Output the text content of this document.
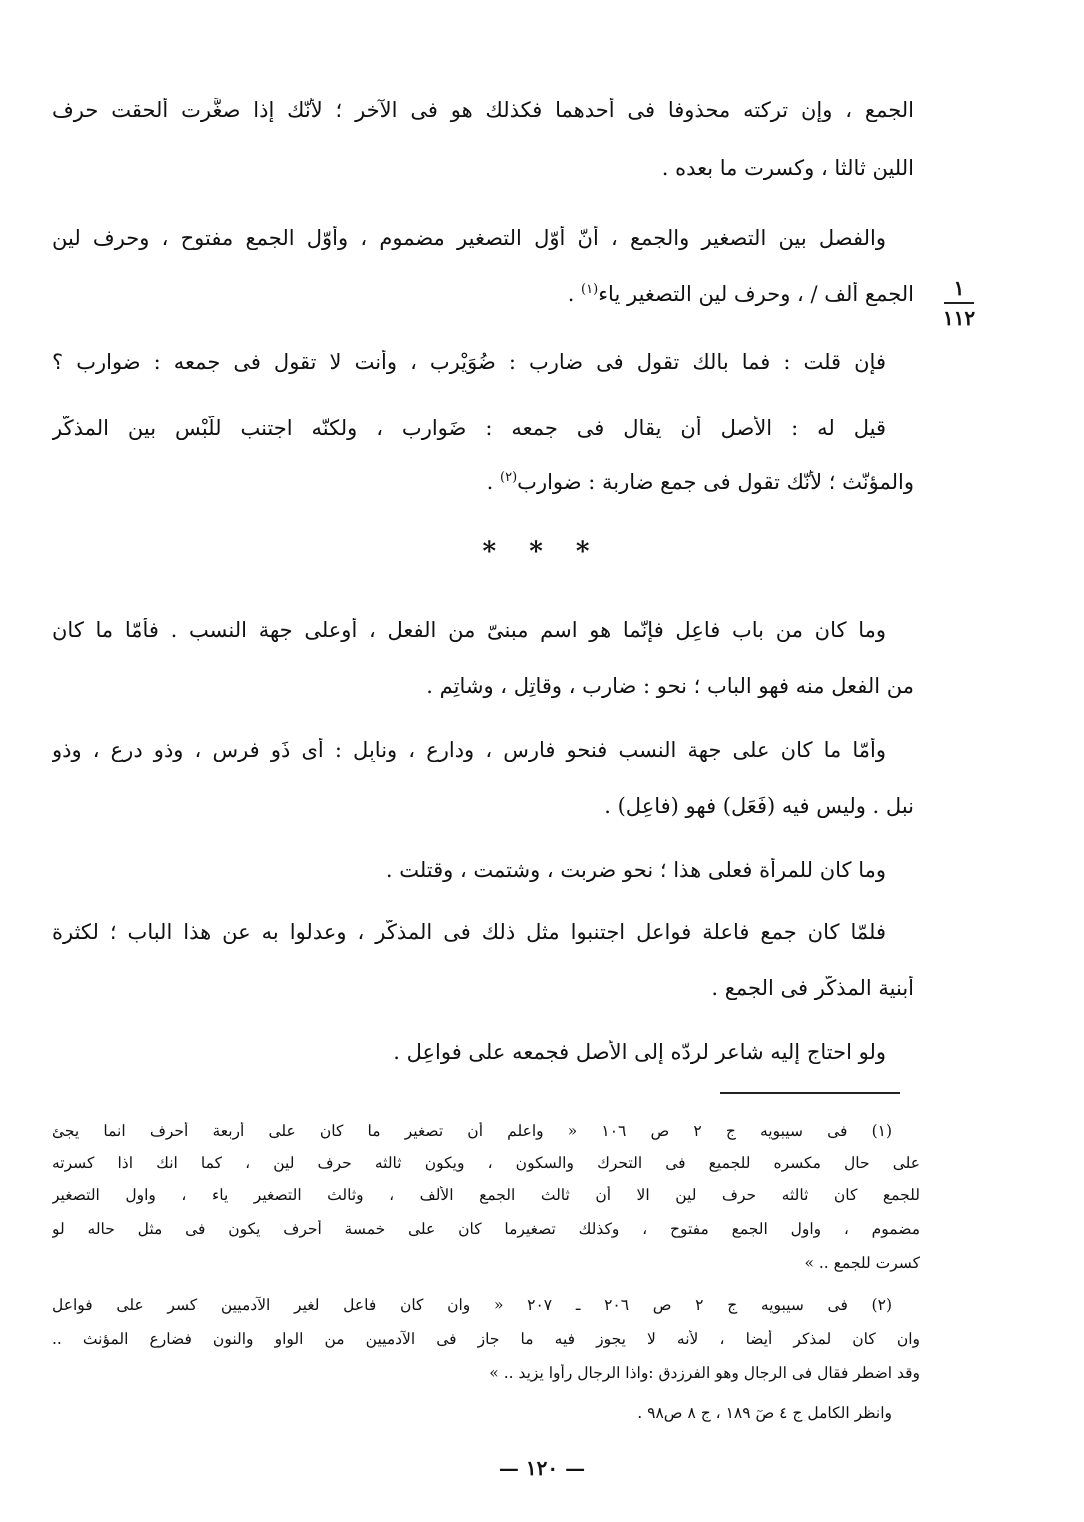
الجمع ، وإن تركته محذوفا فى أحدهما فكذلك هو فى الآخر ؛ لأنّك إذا صغَّرت ألحقت حرف
اللين ثالثا ، وكسرت ما بعده .
والفصل بين التصغير والجمع ، أنّ أوّل التصغير مضموم ، وأوّل الجمع مفتوح ، وحرف لين
الجمع ألف / ، وحرف لين التصغير ياء$^{(١)}$ .	١
١١٢
فإن قلت : فما بالك تقول فى ضارب : ضُوَيْرِب ، وأنت لا تقول فى جمعه : ضوارب ؟
قيل له : الأصل أن يقال فى جمعه : ضَوارب ، ولكنّه اجتنب للَّبْس بين المذكّر
والمؤنّث ؛ لأنّك تقول فى جمع ضاربة : ضوارب$^{(٢)}$ .
* * *
وما كان من باب فاعِلٍ فإنّما هو اسم مبنىّ من الفعل ، أوعلى جهة النسب . فأمّا ما كان
من الفعل منه فهو الباب ؛ نحو : ضارِب ، وقاتِل ، وشاتِم .
وأمّا ما كان على جهة النسب فنحو فارس ، ودارِع ، ونابِل : أى ذَو فرس ، وذو درع ، وذو
نبل . وليس فيه (فَعَل) فهو (فاعِل) .
وما كان للمرأة فعلى هذا ؛ نحو ضربت ، وشتمت ، وقتلت .
فلمّا كان جمع فاعلة فواعل اجتنبوا مثل ذلك فى المذكّر ، وعدلوا به عن هذا الباب ؛ لكثرة
أبنية المذكّر فى الجمع .
ولو احتاج إليه شاعر لردّه إلى الأصل فجمعه على فواعِل .
(١) فى سيبويه ج ٢ ص ١٠٦ « واعلم أن تصغير ما كان على أربعة أحرف انما يجئ
على حال مكسره للجميع فى التحرك والسكون ، ويكون ثالثه حرف لين ، كما انك اذا كسرته
للجمع كان ثالثه حرف لين الا أن ثالث الجمع الألف ، وثالث التصغير ياء ، واول التصغير
مضموم ، واول الجمع مفتوح ، وكذلك تصغيرما كان على خمسة أحرف يكون فى مثل حاله لو
كسرت للجمع .. »
(٢) فى سيبويه ج ٢ ص ٢٠٦ ـ ٢٠٧ « وان كان فاعل لغير الآدميين كسر على فواعل
وان كان لمذكر أيضا ، لأنه لا يجوز فيه ما جاز فى الآدميين من الواو والنون فضارع المؤنث ..
وقد اضطر فقال فى الرجال وهو الفرزدق :واذا الرجال رأوا يزيد .. »
وانظر الكامل ج ٤ صٓ ١٨٩ ، ج ٨ ص٩٨ .
— ١٢٠ —
